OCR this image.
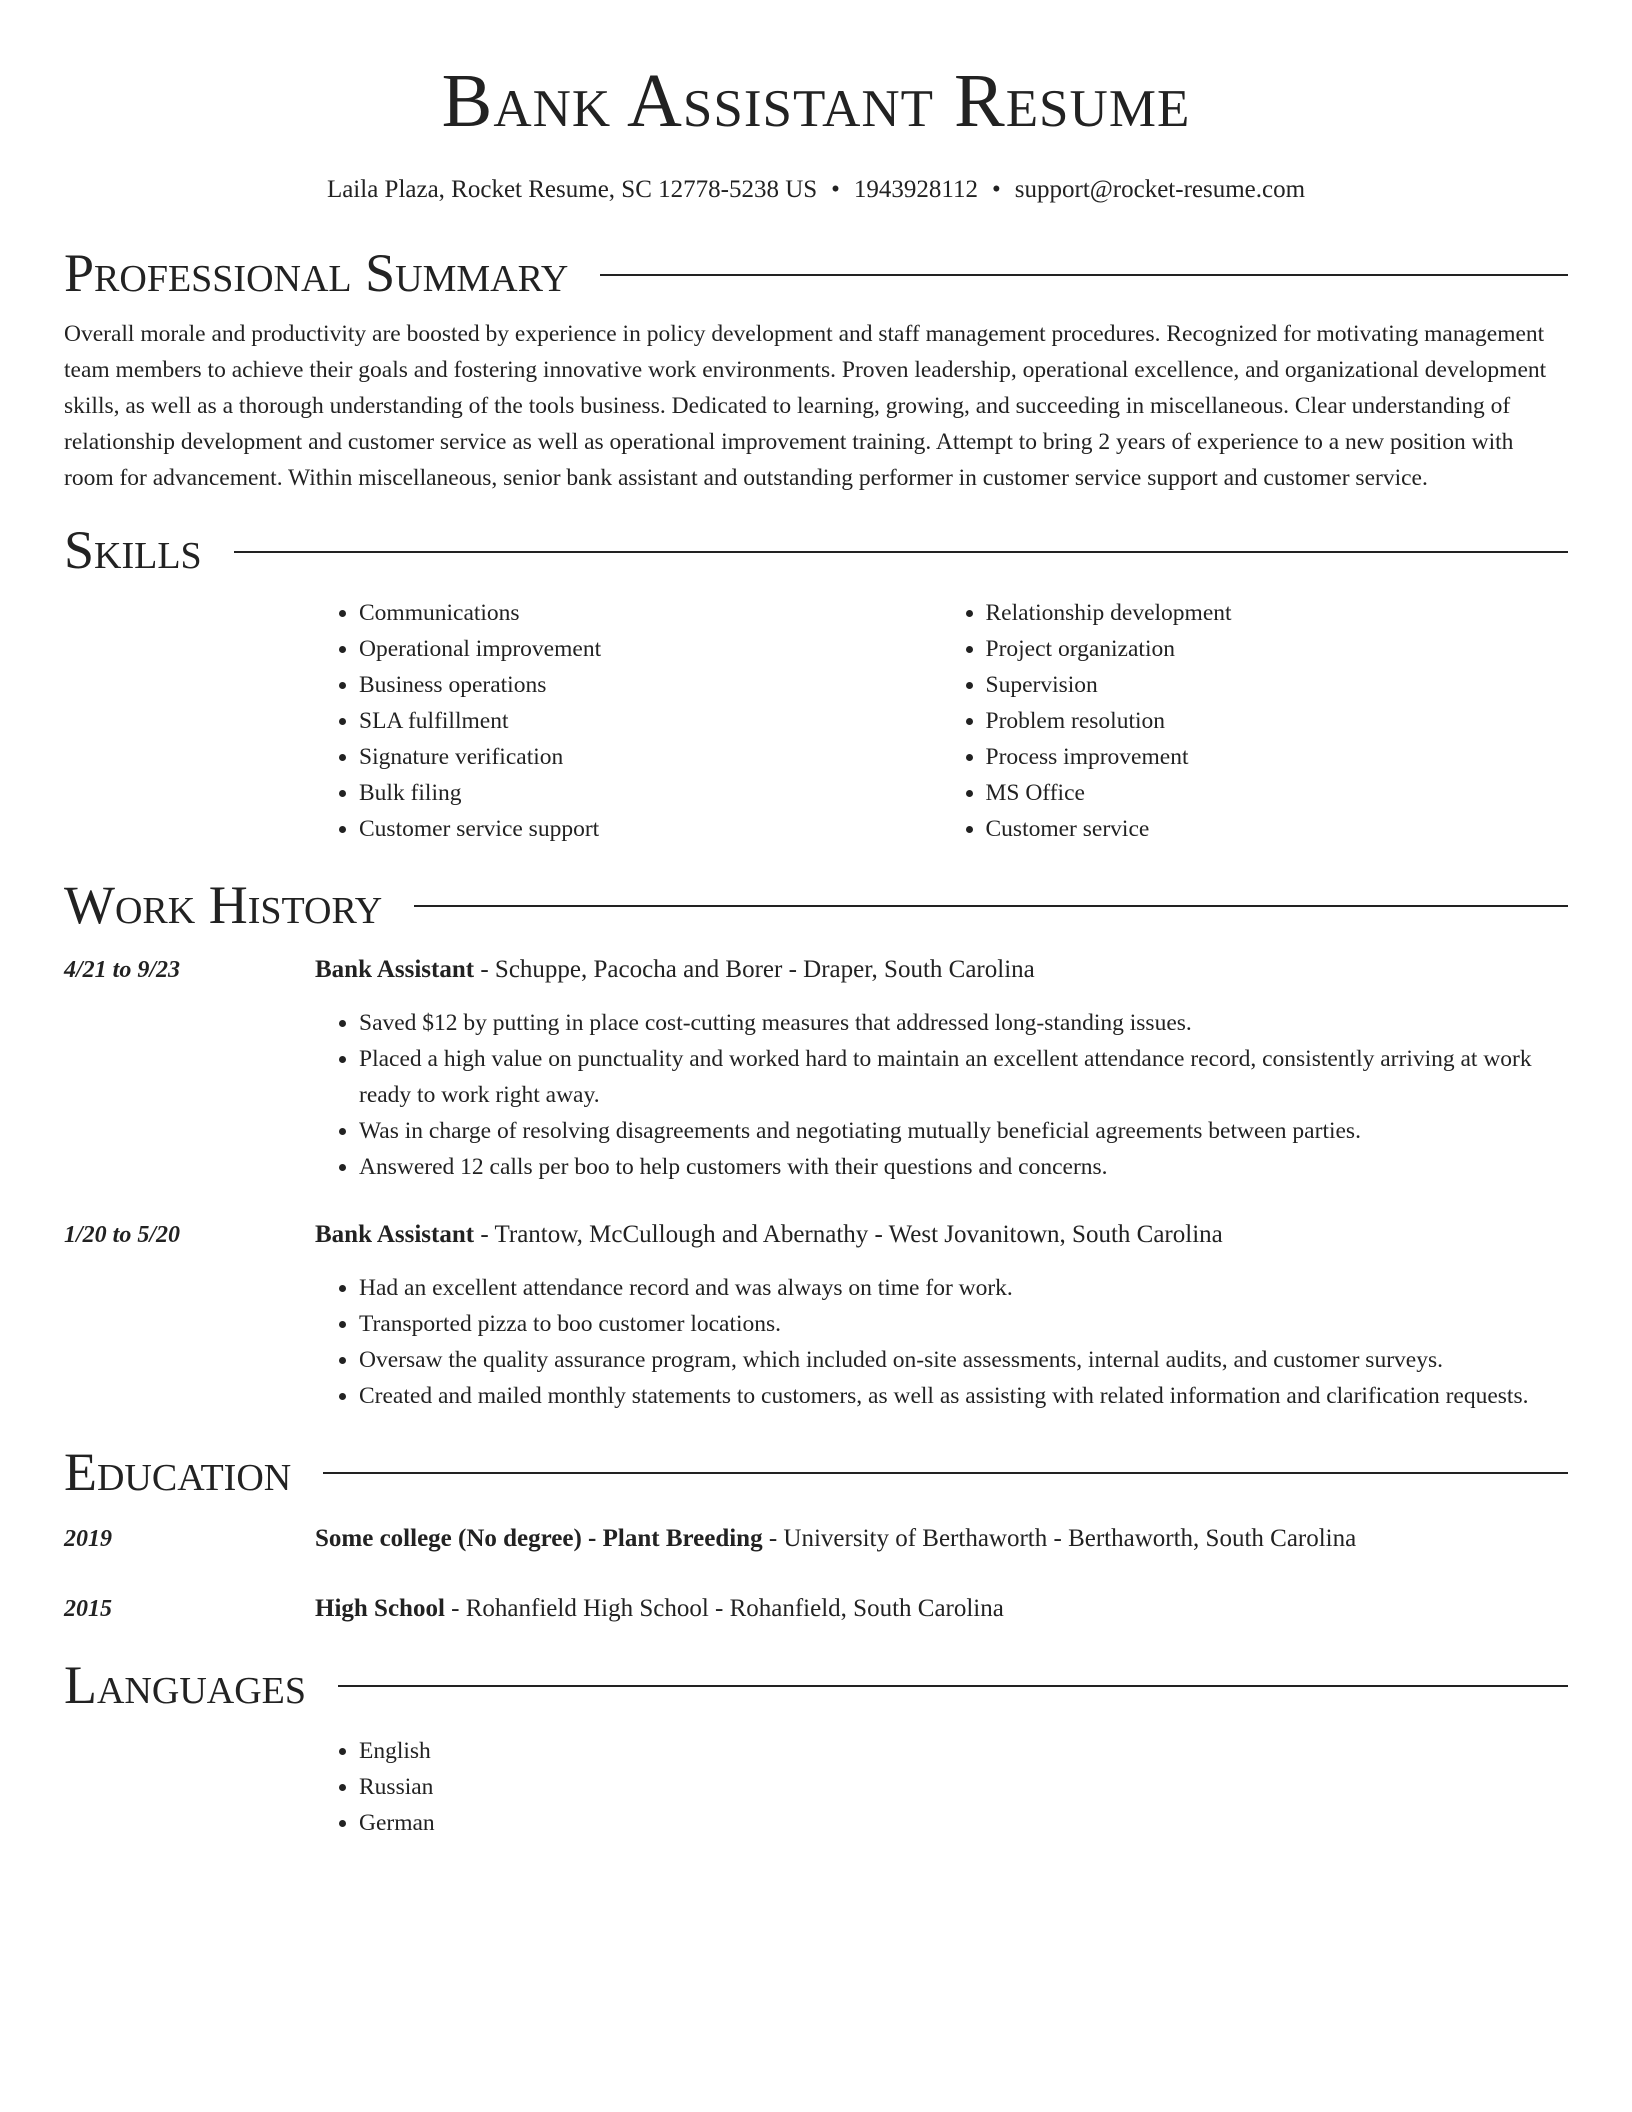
Bank Assistant Resume
Laila Plaza, Rocket Resume, SC 12778-5238 US • 1943928112 • support@rocket-resume.com
Professional Summary

Overall morale and productivity are boosted by experience in policy development and staff management procedures. Recognized for motivating management team members to achieve their goals and fostering innovative work environments. Proven leadership, operational excellence, and organizational development skills, as well as a thorough understanding of the tools business. Dedicated to learning, growing, and succeeding in miscellaneous. Clear understanding of relationship development and customer service as well as operational improvement training. Attempt to bring 2 years of experience to a new position with room for advancement. Within miscellaneous, senior bank assistant and outstanding performer in customer service support and customer service.

Skills
• Communications
• Operational improvement
• Business operations
• SLA fulfillment
• Signature verification
• Bulk filing
• Customer service support
• Relationship development
• Project organization
• Supervision
• Problem resolution
• Process improvement
• MS Office
• Customer service
Work History
4/21 to 9/23	Bank Assistant - Schuppe, Pacocha and Borer - Draper, South Carolina
• Saved $12 by putting in place cost-cutting measures that addressed long-standing issues.
• Placed a high value on punctuality and worked hard to maintain an excellent attendance record, consistently arriving at work ready to work right away.
• Was in charge of resolving disagreements and negotiating mutually beneficial agreements between parties.
• Answered 12 calls per boo to help customers with their questions and concerns.
1/20 to 5/20	Bank Assistant - Trantow, McCullough and Abernathy - West Jovanitown, South Carolina
• Had an excellent attendance record and was always on time for work.
• Transported pizza to boo customer locations.
• Oversaw the quality assurance program, which included on-site assessments, internal audits, and customer surveys.
• Created and mailed monthly statements to customers, as well as assisting with related information and clarification requests.
Education
2019	Some college (No degree) - Plant Breeding - University of Berthaworth - Berthaworth, South Carolina
2015	High School - Rohanfield High School - Rohanfield, South Carolina
Languages
• English
• Russian
• German
